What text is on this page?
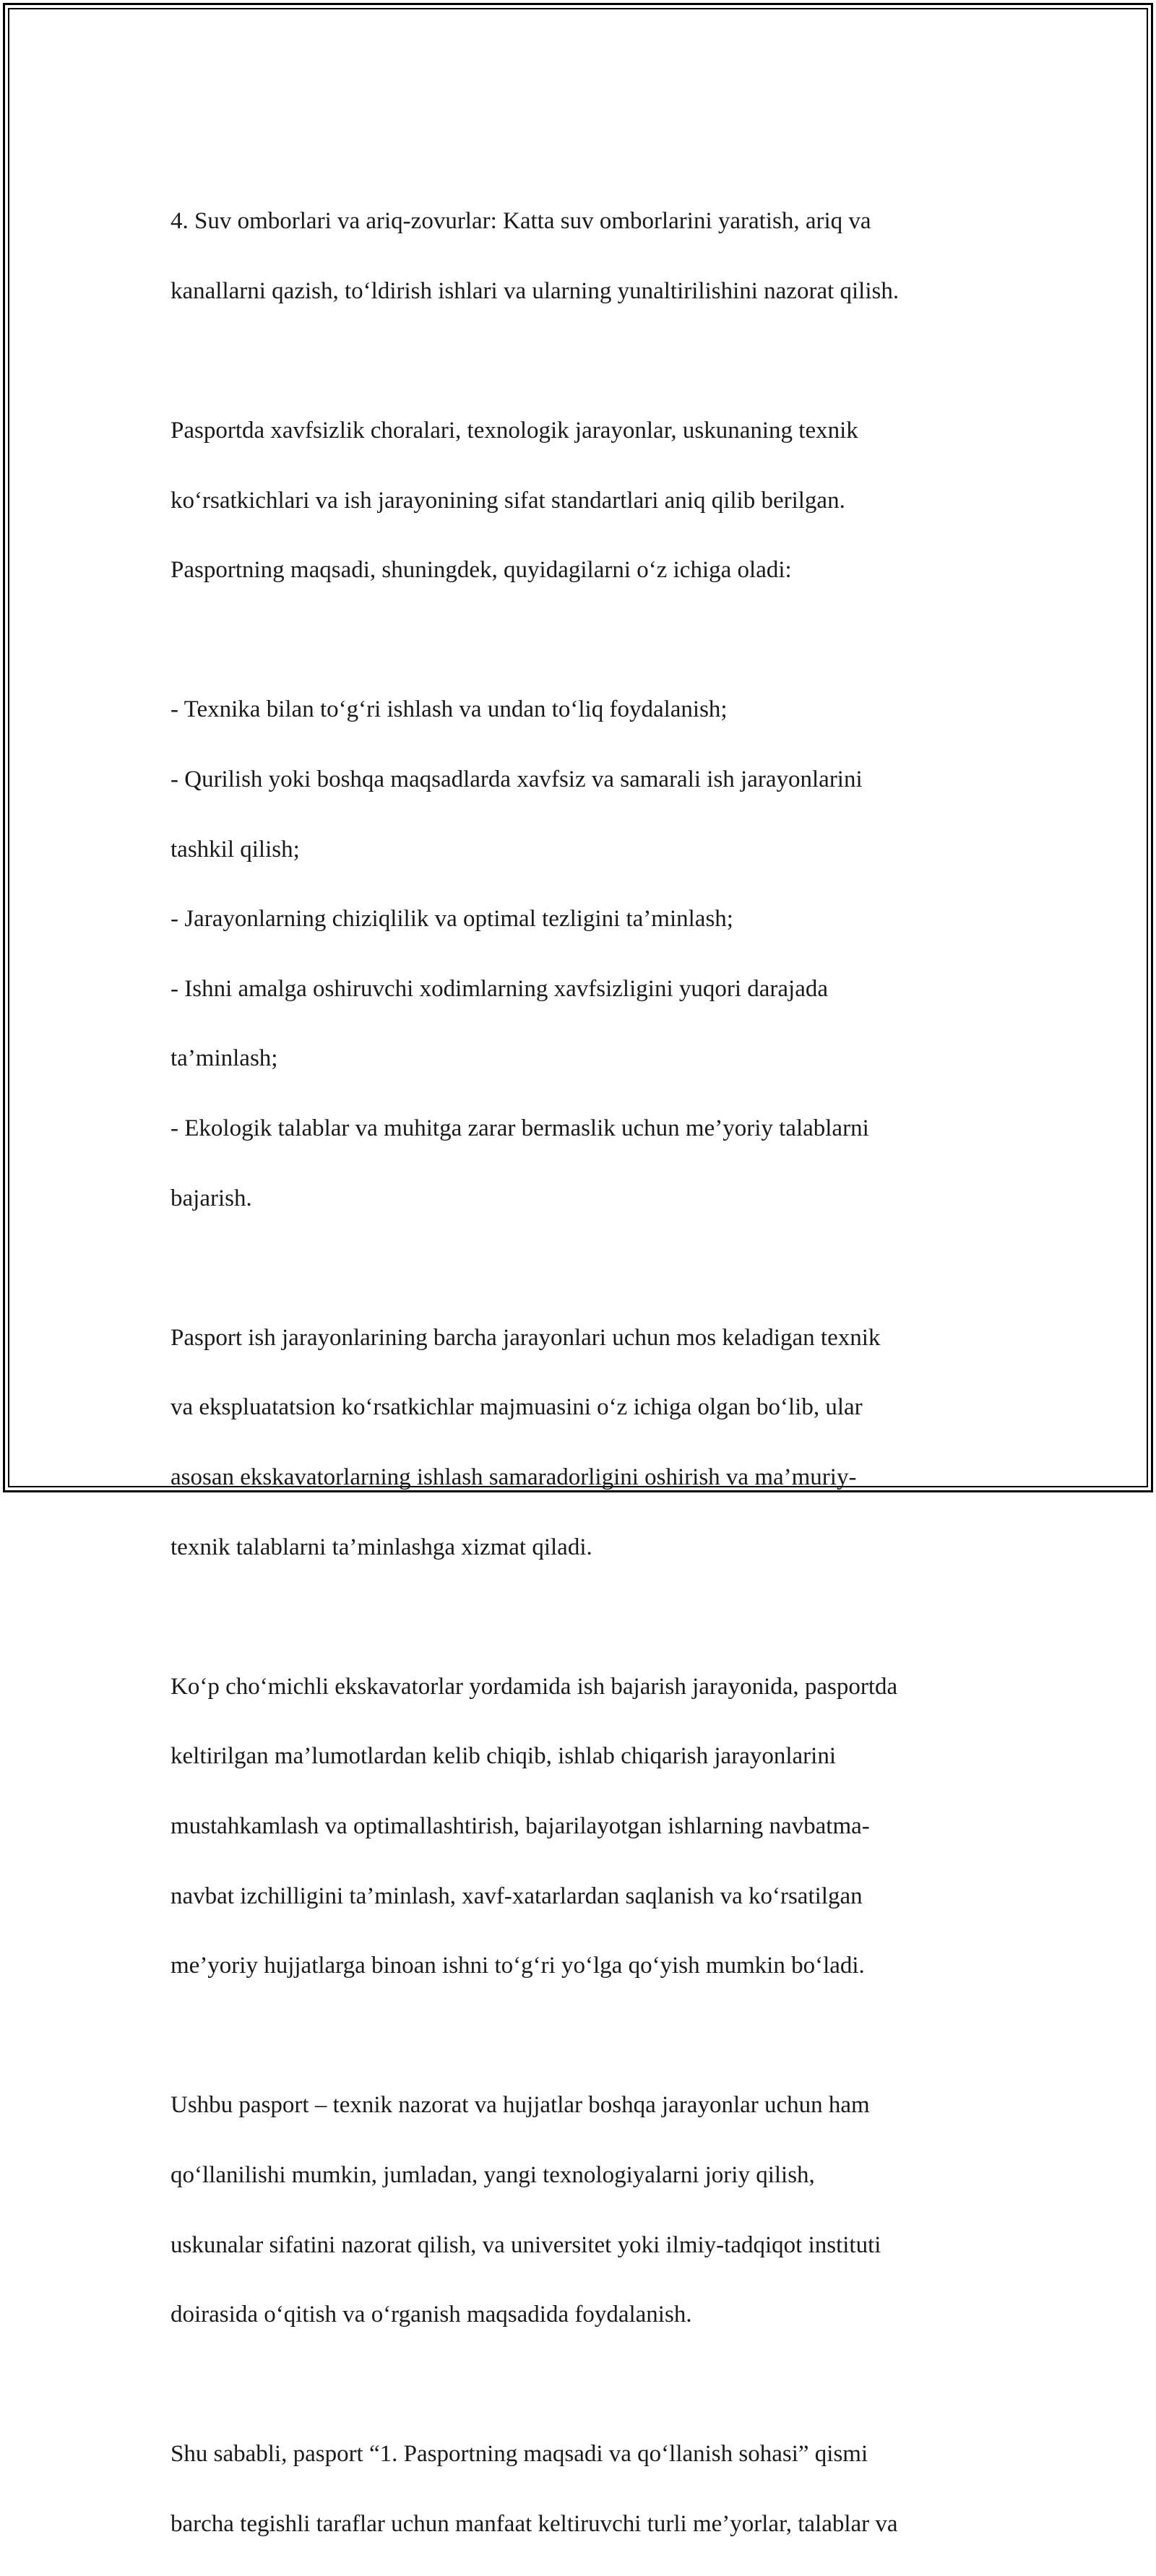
4. Suv omborlari va ariq-zovurlar: Katta suv omborlarini yaratish, ariq va

kanallarni qazish, to‘ldirish ishlari va ularning yunaltirilishini nazorat qilish.

Pasportda xavfsizlik choralari, texnologik jarayonlar, uskunaning texnik

ko‘rsatkichlari va ish jarayonining sifat standartlari aniq qilib berilgan.

Pasportning maqsadi, shuningdek, quyidagilarni o‘z ichiga oladi:

- Texnika bilan to‘g‘ri ishlash va undan to‘liq foydalanish;

- Qurilish yoki boshqa maqsadlarda xavfsiz va samarali ish jarayonlarini

tashkil qilish;

- Jarayonlarning chiziqlilik va optimal tezligini ta’minlash;

- Ishni amalga oshiruvchi xodimlarning xavfsizligini yuqori darajada

ta’minlash;

- Ekologik talablar va muhitga zarar bermaslik uchun me’yoriy talablarni

bajarish.

Pasport ish jarayonlarining barcha jarayonlari uchun mos keladigan texnik

va ekspluatatsion ko‘rsatkichlar majmuasini o‘z ichiga olgan bo‘lib, ular

asosan ekskavatorlarning ishlash samaradorligini oshirish va ma’muriy-

texnik talablarni ta’minlashga xizmat qiladi.

Ko‘p cho‘michli ekskavatorlar yordamida ish bajarish jarayonida, pasportda

keltirilgan ma’lumotlardan kelib chiqib, ishlab chiqarish jarayonlarini

mustahkamlash va optimallashtirish, bajarilayotgan ishlarning navbatma-

navbat izchilligini ta’minlash, xavf-xatarlardan saqlanish va ko‘rsatilgan

me’yoriy hujjatlarga binoan ishni to‘g‘ri yo‘lga qo‘yish mumkin bo‘ladi.

Ushbu pasport – texnik nazorat va hujjatlar boshqa jarayonlar uchun ham

qo‘llanilishi mumkin, jumladan, yangi texnologiyalarni joriy qilish,

uskunalar sifatini nazorat qilish, va universitet yoki ilmiy-tadqiqot instituti

doirasida o‘qitish va o‘rganish maqsadida foydalanish.

Shu sababli, pasport “1. Pasportning maqsadi va qo‘llanish sohasi” qismi

barcha tegishli taraflar uchun manfaat keltiruvchi turli me’yorlar, talablar va
